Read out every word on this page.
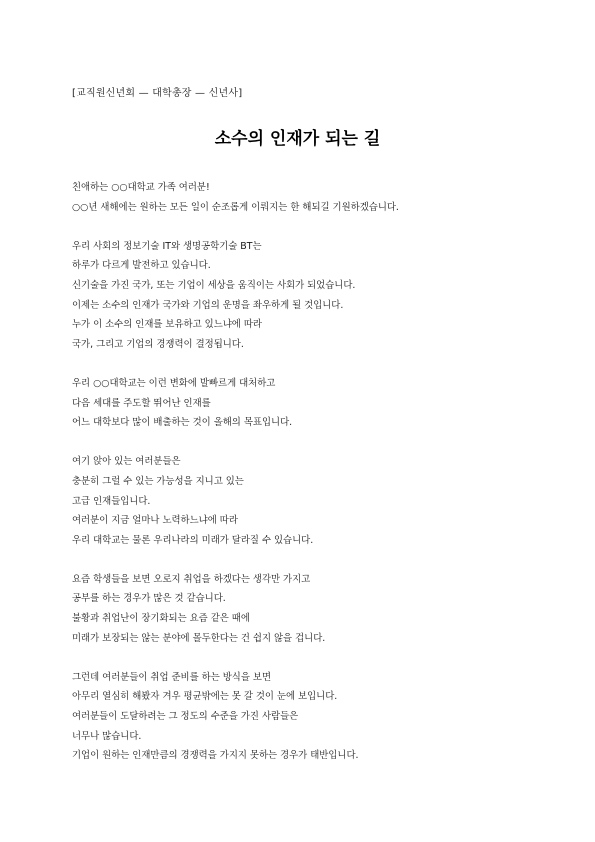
[교직원신년회 — 대학총장 — 신년사]
소수의 인재가 되는 길
친애하는 ○○대학교 가족 여러분!
○○년 새해에는 원하는 모든 일이 순조롭게 이뤄지는 한 해되길 기원하겠습니다.
우리 사회의 정보기술 IT와 생명공학기술 BT는
하루가 다르게 발전하고 있습니다.
신기술을 가진 국가, 또는 기업이 세상을 움직이는 사회가 되었습니다.
이제는 소수의 인재가 국가와 기업의 운명을 좌우하게 될 것입니다.
누가 이 소수의 인재를 보유하고 있느냐에 따라
국가, 그리고 기업의 경쟁력이 결정됩니다.
우리 ○○대학교는 이런 변화에 발빠르게 대처하고
다음 세대를 주도할 뛰어난 인재를
어느 대학보다 많이 배출하는 것이 올해의 목표입니다.
여기 앉아 있는 여러분들은
충분히 그럴 수 있는 가능성을 지니고 있는
고급 인재들입니다.
여러분이 지금 얼마나 노력하느냐에 따라
우리 대학교는 물론 우리나라의 미래가 달라질 수 있습니다.
요즘 학생들을 보면 오로지 취업을 하겠다는 생각만 가지고
공부를 하는 경우가 많은 것 같습니다.
불황과 취업난이 장기화되는 요즘 같은 때에
미래가 보장되는 않는 분야에 몰두한다는 건 쉽지 않을 겁니다.
그런데 여러분들이 취업 준비를 하는 방식을 보면
아무리 열심히 해봤자 겨우 평균밖에는 못 갈 것이 눈에 보입니다.
여러분들이 도달하려는 그 정도의 수준을 가진 사람들은
너무나 많습니다.
기업이 원하는 인재만큼의 경쟁력을 가지지 못하는 경우가 태반입니다.
